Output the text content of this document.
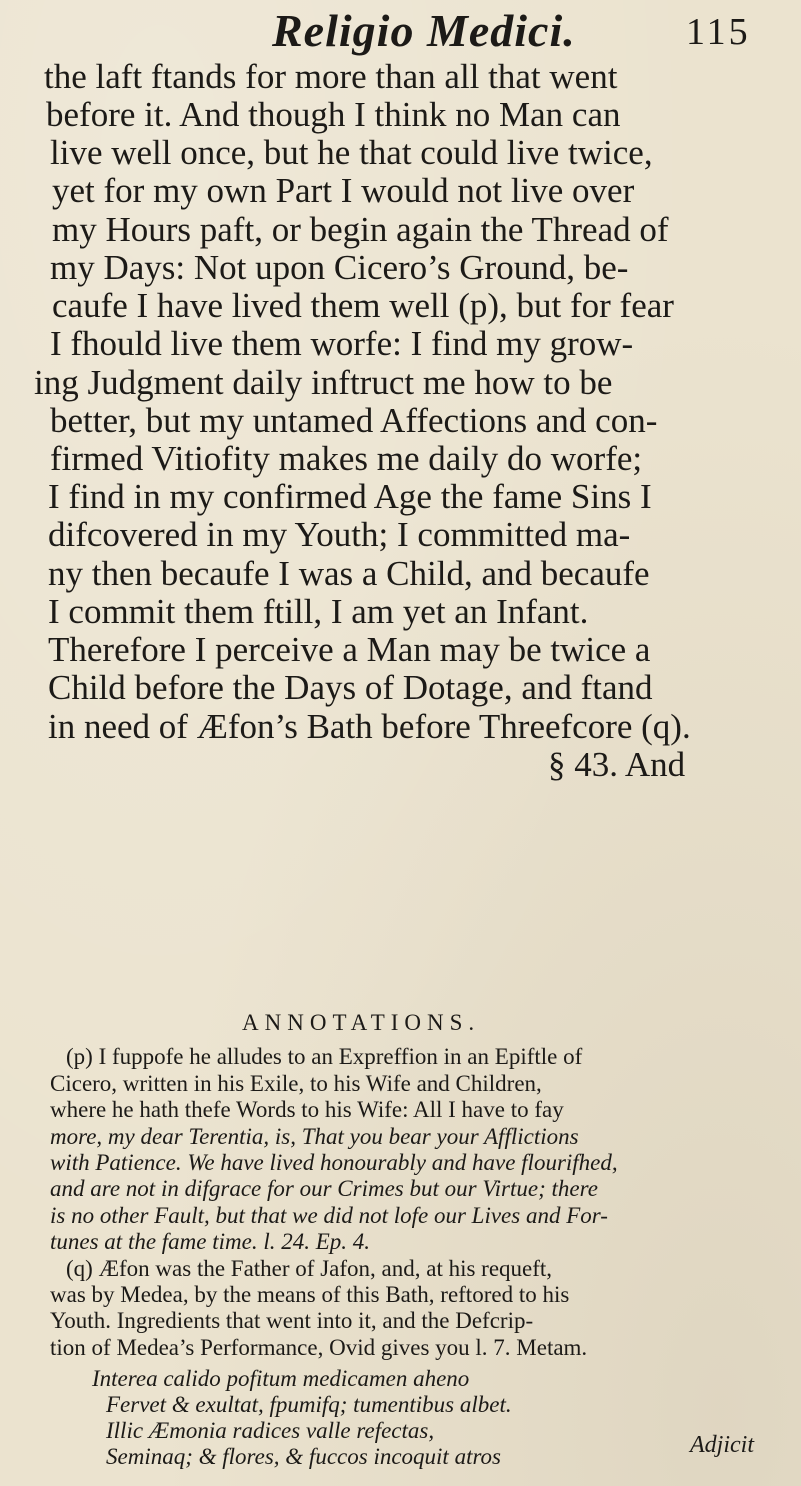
Religio Medici.	115
the laft ftands for more than all that went
before it. And though I think no Man can
live well once, but he that could live twice,
yet for my own Part I would not live over
my Hours paft, or begin again the Thread of
my Days: Not upon Cicero’s Ground, be-
caufe I have lived them well (p), but for fear
I fhould live them worfe: I find my grow-
ing Judgment daily inftruct me how to be
better, but my untamed Affections and con-
firmed Vitiofity makes me daily do worfe;
I find in my confirmed Age the fame Sins I
difcovered in my Youth; I committed ma-
ny then becaufe I was a Child, and becaufe
I commit them ftill, I am yet an Infant.
Therefore I perceive a Man may be twice a
Child before the Days of Dotage, and ftand
in need of Æfon’s Bath before Threefcore (q).
§ 43. And
ANNOTATIONS.
(p) I fuppofe he alludes to an Expreffion in an Epiftle of
Cicero, written in his Exile, to his Wife and Children,
where he hath thefe Words to his Wife: All I have to fay
more, my dear Terentia, is, That you bear your Afflictions
with Patience. We have lived honourably and have flourifhed,
and are not in difgrace for our Crimes but our Virtue; there
is no other Fault, but that we did not lofe our Lives and For-
tunes at the fame time. l. 24. Ep. 4.
(q) Æfon was the Father of Jafon, and, at his requeft,
was by Medea, by the means of this Bath, reftored to his
Youth. Ingredients that went into it, and the Defcrip-
tion of Medea’s Performance, Ovid gives you l. 7. Metam.
Interea calido pofitum medicamen aheno
Fervet & exultat, fpumifq; tumentibus albet.
Illic Æmonia radices valle refectas,
Seminaq; & flores, & fuccos incoquit atros	Adjicit
